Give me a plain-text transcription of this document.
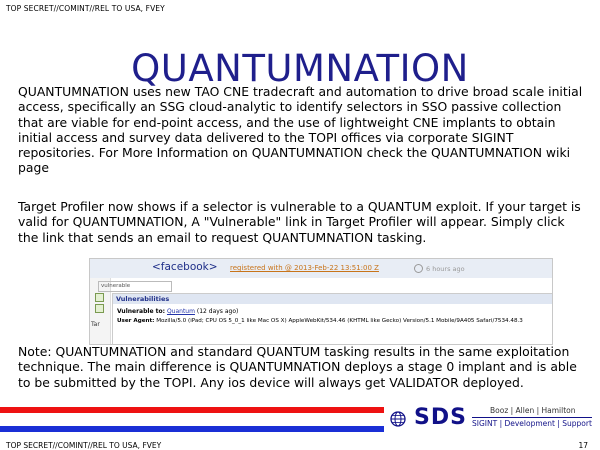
TOP SECRET//COMINT//REL TO USA, FVEY
QUANTUMNATION

QUANTUMNATION uses new TAO CNE tradecraft and automation to drive broad scale initial access, specifically an SSG cloud-analytic to identify selectors in SSO passive collection that are viable for end-point access, and the use of lightweight CNE implants to obtain initial access and survey data delivered to the TOPI offices via corporate SIGINT repositories. For More Information on QUANTUMNATION check the QUANTUMNATION wiki page

Target Profiler now shows if a selector is vulnerable to a QUANTUM exploit. If your target is valid for QUANTUMNATION, A "Vulnerable" link in Target Profiler will appear. Simply click the link that sends an email to request QUANTUMNATION tasking.

<facebook> registered with @ 2013-Feb-22 13:51:00 Z	6 hours ago
vulnerable
Tar
Vulnerabilities
Vulnerable to: Quantum (12 days ago)
User Agent: Mozilla/5.0 (iPad; CPU OS 5_0_1 like Mac OS X) AppleWebKit/534.46 (KHTML like Gecko) Version/5.1 Mobile/9A405 Safari/7534.48.3

Note: QUANTUMNATION and standard QUANTUM tasking results in the same exploitation technique. The main difference is QUANTUMNATION deploys a stage 0 implant and is able to be submitted by the TOPI. Any ios device will always get VALIDATOR deployed.

SDS	Booz | Allen | Hamilton
SIGINT | Development | Support
TOP SECRET//COMINT//REL TO USA, FVEY	17
